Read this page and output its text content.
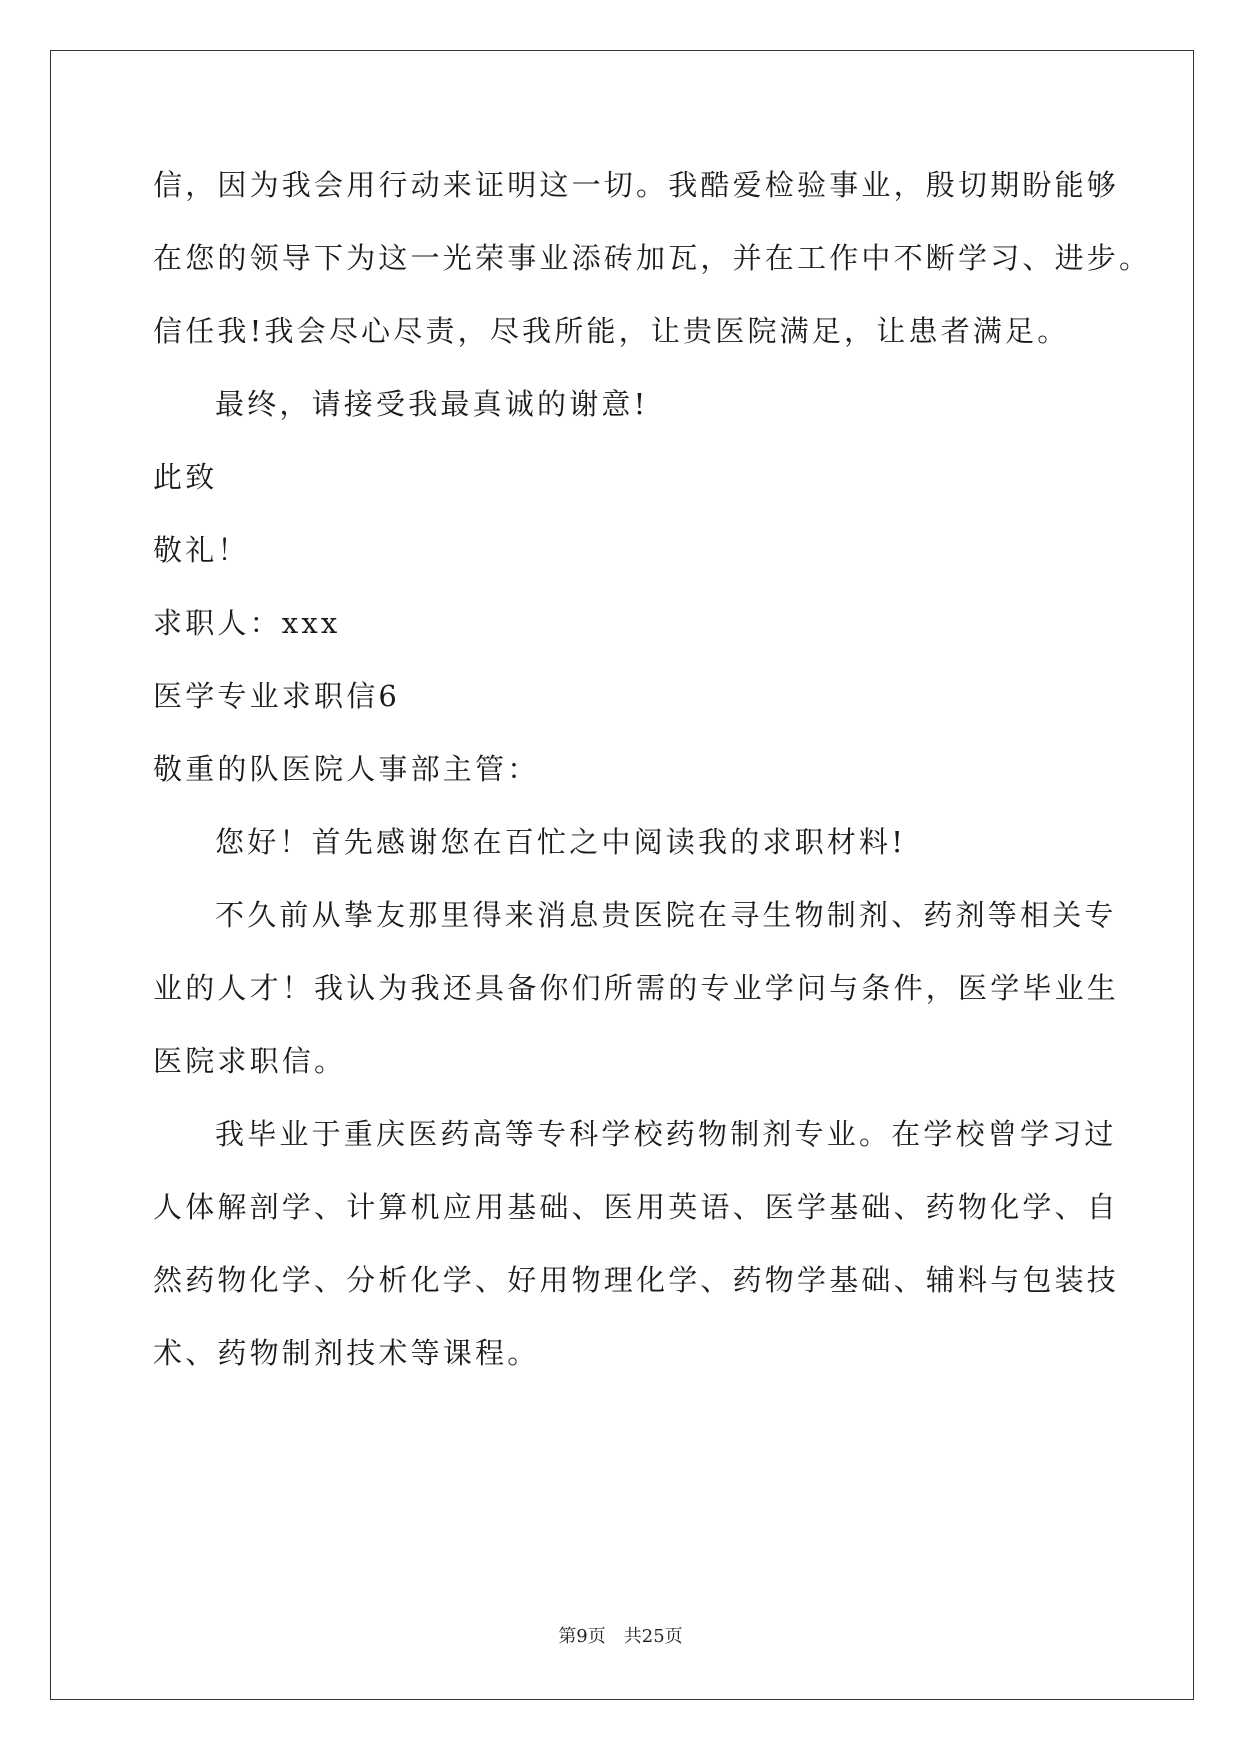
信，因为我会用行动来证明这一切。我酷爱检验事业，殷切期盼能够
在您的领导下为这一光荣事业添砖加瓦，并在工作中不断学习、进步。
信任我!我会尽心尽责，尽我所能，让贵医院满足，让患者满足。
最终，请接受我最真诚的谢意!
此致
敬礼！
求职人：xxx
医学专业求职信6
敬重的队医院人事部主管：
您好！首先感谢您在百忙之中阅读我的求职材料!
不久前从挚友那里得来消息贵医院在寻生物制剂、药剂等相关专
业的人才！我认为我还具备你们所需的专业学问与条件，医学毕业生
医院求职信。
我毕业于重庆医药高等专科学校药物制剂专业。在学校曾学习过
人体解剖学、计算机应用基础、医用英语、医学基础、药物化学、自
然药物化学、分析化学、好用物理化学、药物学基础、辅料与包装技
术、药物制剂技术等课程。
第9页 共25页
